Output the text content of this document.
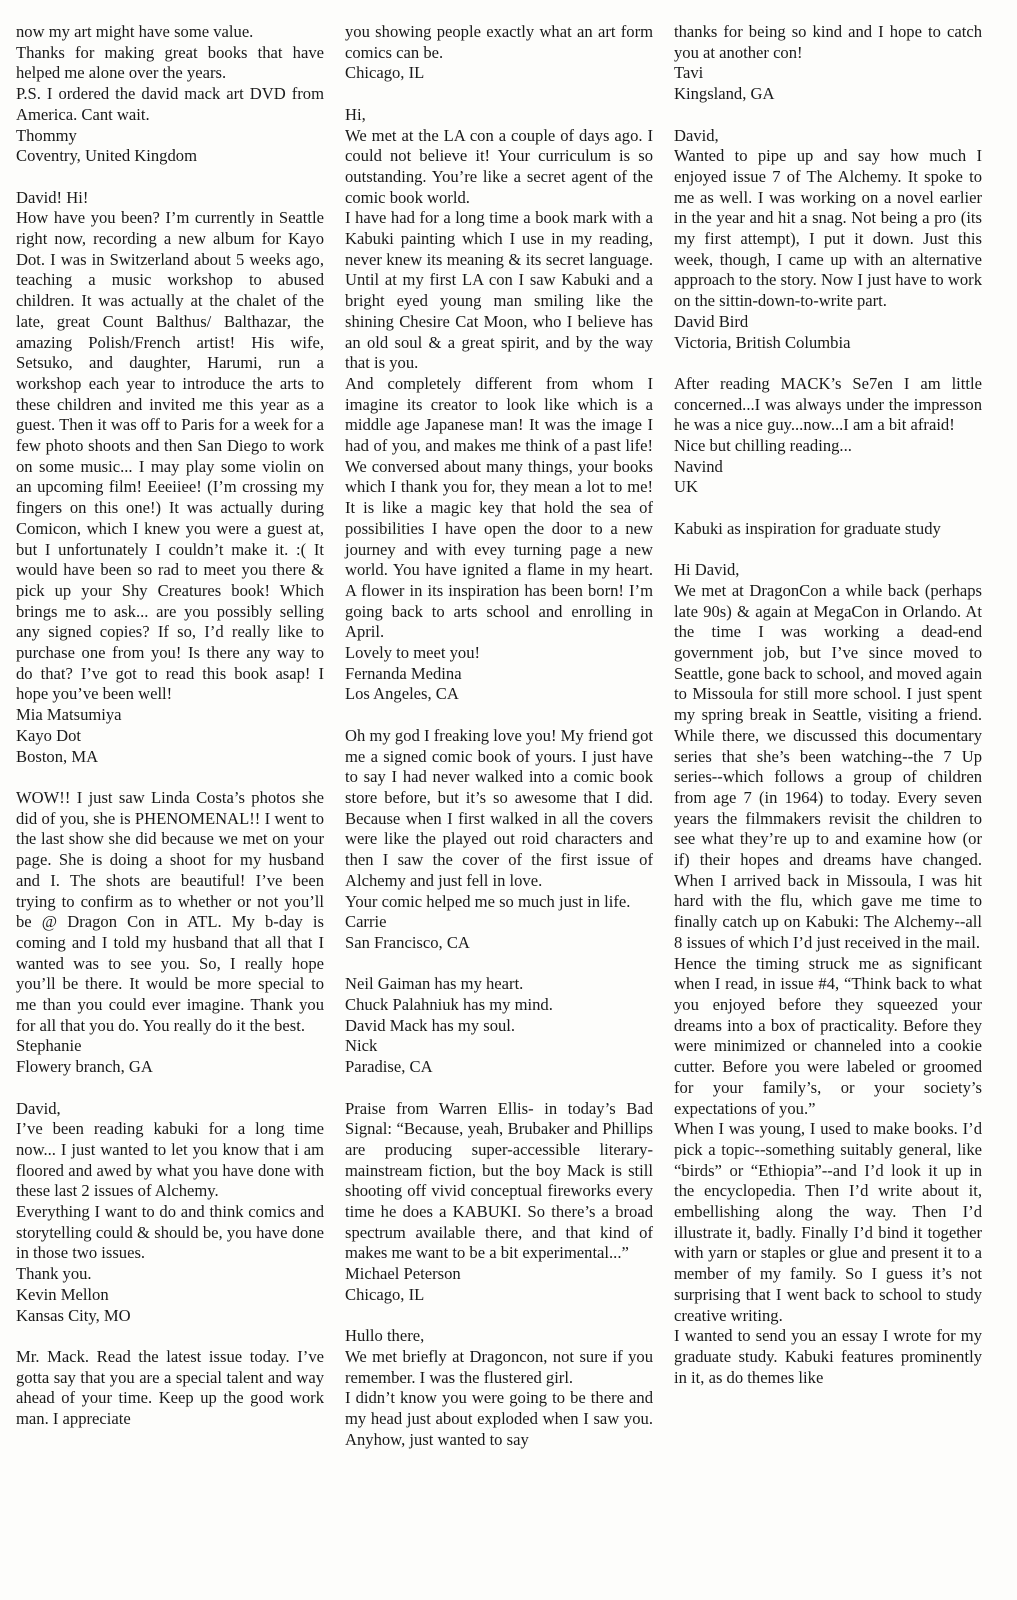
now my art might have some value.

Thanks for making great books that have helped me alone over the years.

P.S. I ordered the david mack art DVD from America. Cant wait.

Thommy
Coventry, United Kingdom

David! Hi!

How have you been? I’m currently in Seattle right now, recording a new album for Kayo Dot. I was in Switzerland about 5 weeks ago, teaching a music workshop to abused children. It was actually at the chalet of the late, great Count Balthus/ Balthazar, the amazing Polish/French artist! His wife, Setsuko, and daughter, Harumi, run a workshop each year to introduce the arts to these children and invited me this year as a guest. Then it was off to Paris for a week for a few photo shoots and then San Diego to work on some music... I may play some violin on an upcoming film! Eeeiiee! (I’m crossing my fingers on this one!) It was actually during Comicon, which I knew you were a guest at, but I unfortunately I couldn’t make it. :( It would have been so rad to meet you there & pick up your Shy Creatures book! Which brings me to ask... are you possibly selling any signed copies? If so, I’d really like to purchase one from you! Is there any way to do that? I’ve got to read this book asap! I hope you’ve been well!

Mia Matsumiya
Kayo Dot
Boston, MA

WOW!! I just saw Linda Costa’s photos she did of you, she is PHENOMENAL!! I went to the last show she did because we met on your page. She is doing a shoot for my husband and I. The shots are beautiful! I’ve been trying to confirm as to whether or not you’ll be @ Dragon Con in ATL. My b-day is coming and I told my husband that all that I wanted was to see you. So, I really hope you’ll be there. It would be more special to me than you could ever imagine. Thank you for all that you do. You really do it the best.

Stephanie
Flowery branch, GA

David,

I’ve been reading kabuki for a long time now... I just wanted to let you know that i am floored and awed by what you have done with these last 2 issues of Alchemy.

Everything I want to do and think comics and storytelling could & should be, you have done in those two issues.

Thank you.

Kevin Mellon
Kansas City, MO

Mr. Mack. Read the latest issue today. I’ve gotta say that you are a special talent and way ahead of your time. Keep up the good work man. I appreciate

you showing people exactly what an art form comics can be.

Chicago, IL

Hi,

We met at the LA con a couple of days ago. I could not believe it! Your curriculum is so outstanding. You’re like a secret agent of the comic book world.

I have had for a long time a book mark with a Kabuki painting which I use in my reading, never knew its meaning & its secret language. Until at my first LA con I saw Kabuki and a bright eyed young man smiling like the shining Chesire Cat Moon, who I believe has an old soul & a great spirit, and by the way that is you.

And completely different from whom I imagine its creator to look like which is a middle age Japanese man! It was the image I had of you, and makes me think of a past life! We conversed about many things, your books which I thank you for, they mean a lot to me! It is like a magic key that hold the sea of possibilities I have open the door to a new journey and with evey turning page a new world. You have ignited a flame in my heart. A flower in its inspiration has been born! I’m going back to arts school and enrolling in April.

Lovely to meet you!

Fernanda Medina
Los Angeles, CA

Oh my god I freaking love you! My friend got me a signed comic book of yours. I just have to say I had never walked into a comic book store before, but it’s so awesome that I did. Because when I first walked in all the covers were like the played out roid characters and then I saw the cover of the first issue of Alchemy and just fell in love.

Your comic helped me so much just in life.

Carrie
San Francisco, CA

Neil Gaiman has my heart.

Chuck Palahniuk has my mind.

David Mack has my soul.

Nick
Paradise, CA

Praise from Warren Ellis- in today’s Bad Signal: “Because, yeah, Brubaker and Phillips are producing super-accessible literary- mainstream fiction, but the boy Mack is still shooting off vivid conceptual fireworks every time he does a KABUKI. So there’s a broad spectrum available there, and that kind of makes me want to be a bit experimental...”

Michael Peterson
Chicago, IL

Hullo there,

We met briefly at Dragoncon, not sure if you remember. I was the flustered girl.

I didn’t know you were going to be there and my head just about exploded when I saw you. Anyhow, just wanted to say

thanks for being so kind and I hope to catch you at another con!

Tavi
Kingsland, GA

David,

Wanted to pipe up and say how much I enjoyed issue 7 of The Alchemy. It spoke to me as well. I was working on a novel earlier in the year and hit a snag. Not being a pro (its my first attempt), I put it down. Just this week, though, I came up with an alternative approach to the story. Now I just have to work on the sittin-down-to-write part.

David Bird
Victoria, British Columbia

After reading MACK’s Se7en I am little concerned...I was always under the impresson he was a nice guy...now...I am a bit afraid!

Nice but chilling reading...

Navind
UK

Kabuki as inspiration for graduate study

Hi David,

We met at DragonCon a while back (perhaps late 90s) & again at MegaCon in Orlando. At the time I was working a dead-end government job, but I’ve since moved to Seattle, gone back to school, and moved again to Missoula for still more school. I just spent my spring break in Seattle, visiting a friend. While there, we discussed this documentary series that she’s been watching--the 7 Up series--which follows a group of children from age 7 (in 1964) to today. Every seven years the filmmakers revisit the children to see what they’re up to and examine how (or if) their hopes and dreams have changed. When I arrived back in Missoula, I was hit hard with the flu, which gave me time to finally catch up on Kabuki: The Alchemy--all 8 issues of which I’d just received in the mail.

Hence the timing struck me as significant when I read, in issue #4, “Think back to what you enjoyed before they squeezed your dreams into a box of practicality. Before they were minimized or channeled into a cookie cutter. Before you were labeled or groomed for your family’s, or your society’s expectations of you.”

When I was young, I used to make books. I’d pick a topic--something suitably general, like “birds” or “Ethiopia”--and I’d look it up in the encyclopedia. Then I’d write about it, embellishing along the way. Then I’d illustrate it, badly. Finally I’d bind it together with yarn or staples or glue and present it to a member of my family. So I guess it’s not surprising that I went back to school to study creative writing.

I wanted to send you an essay I wrote for my graduate study. Kabuki features prominently in it, as do themes like
